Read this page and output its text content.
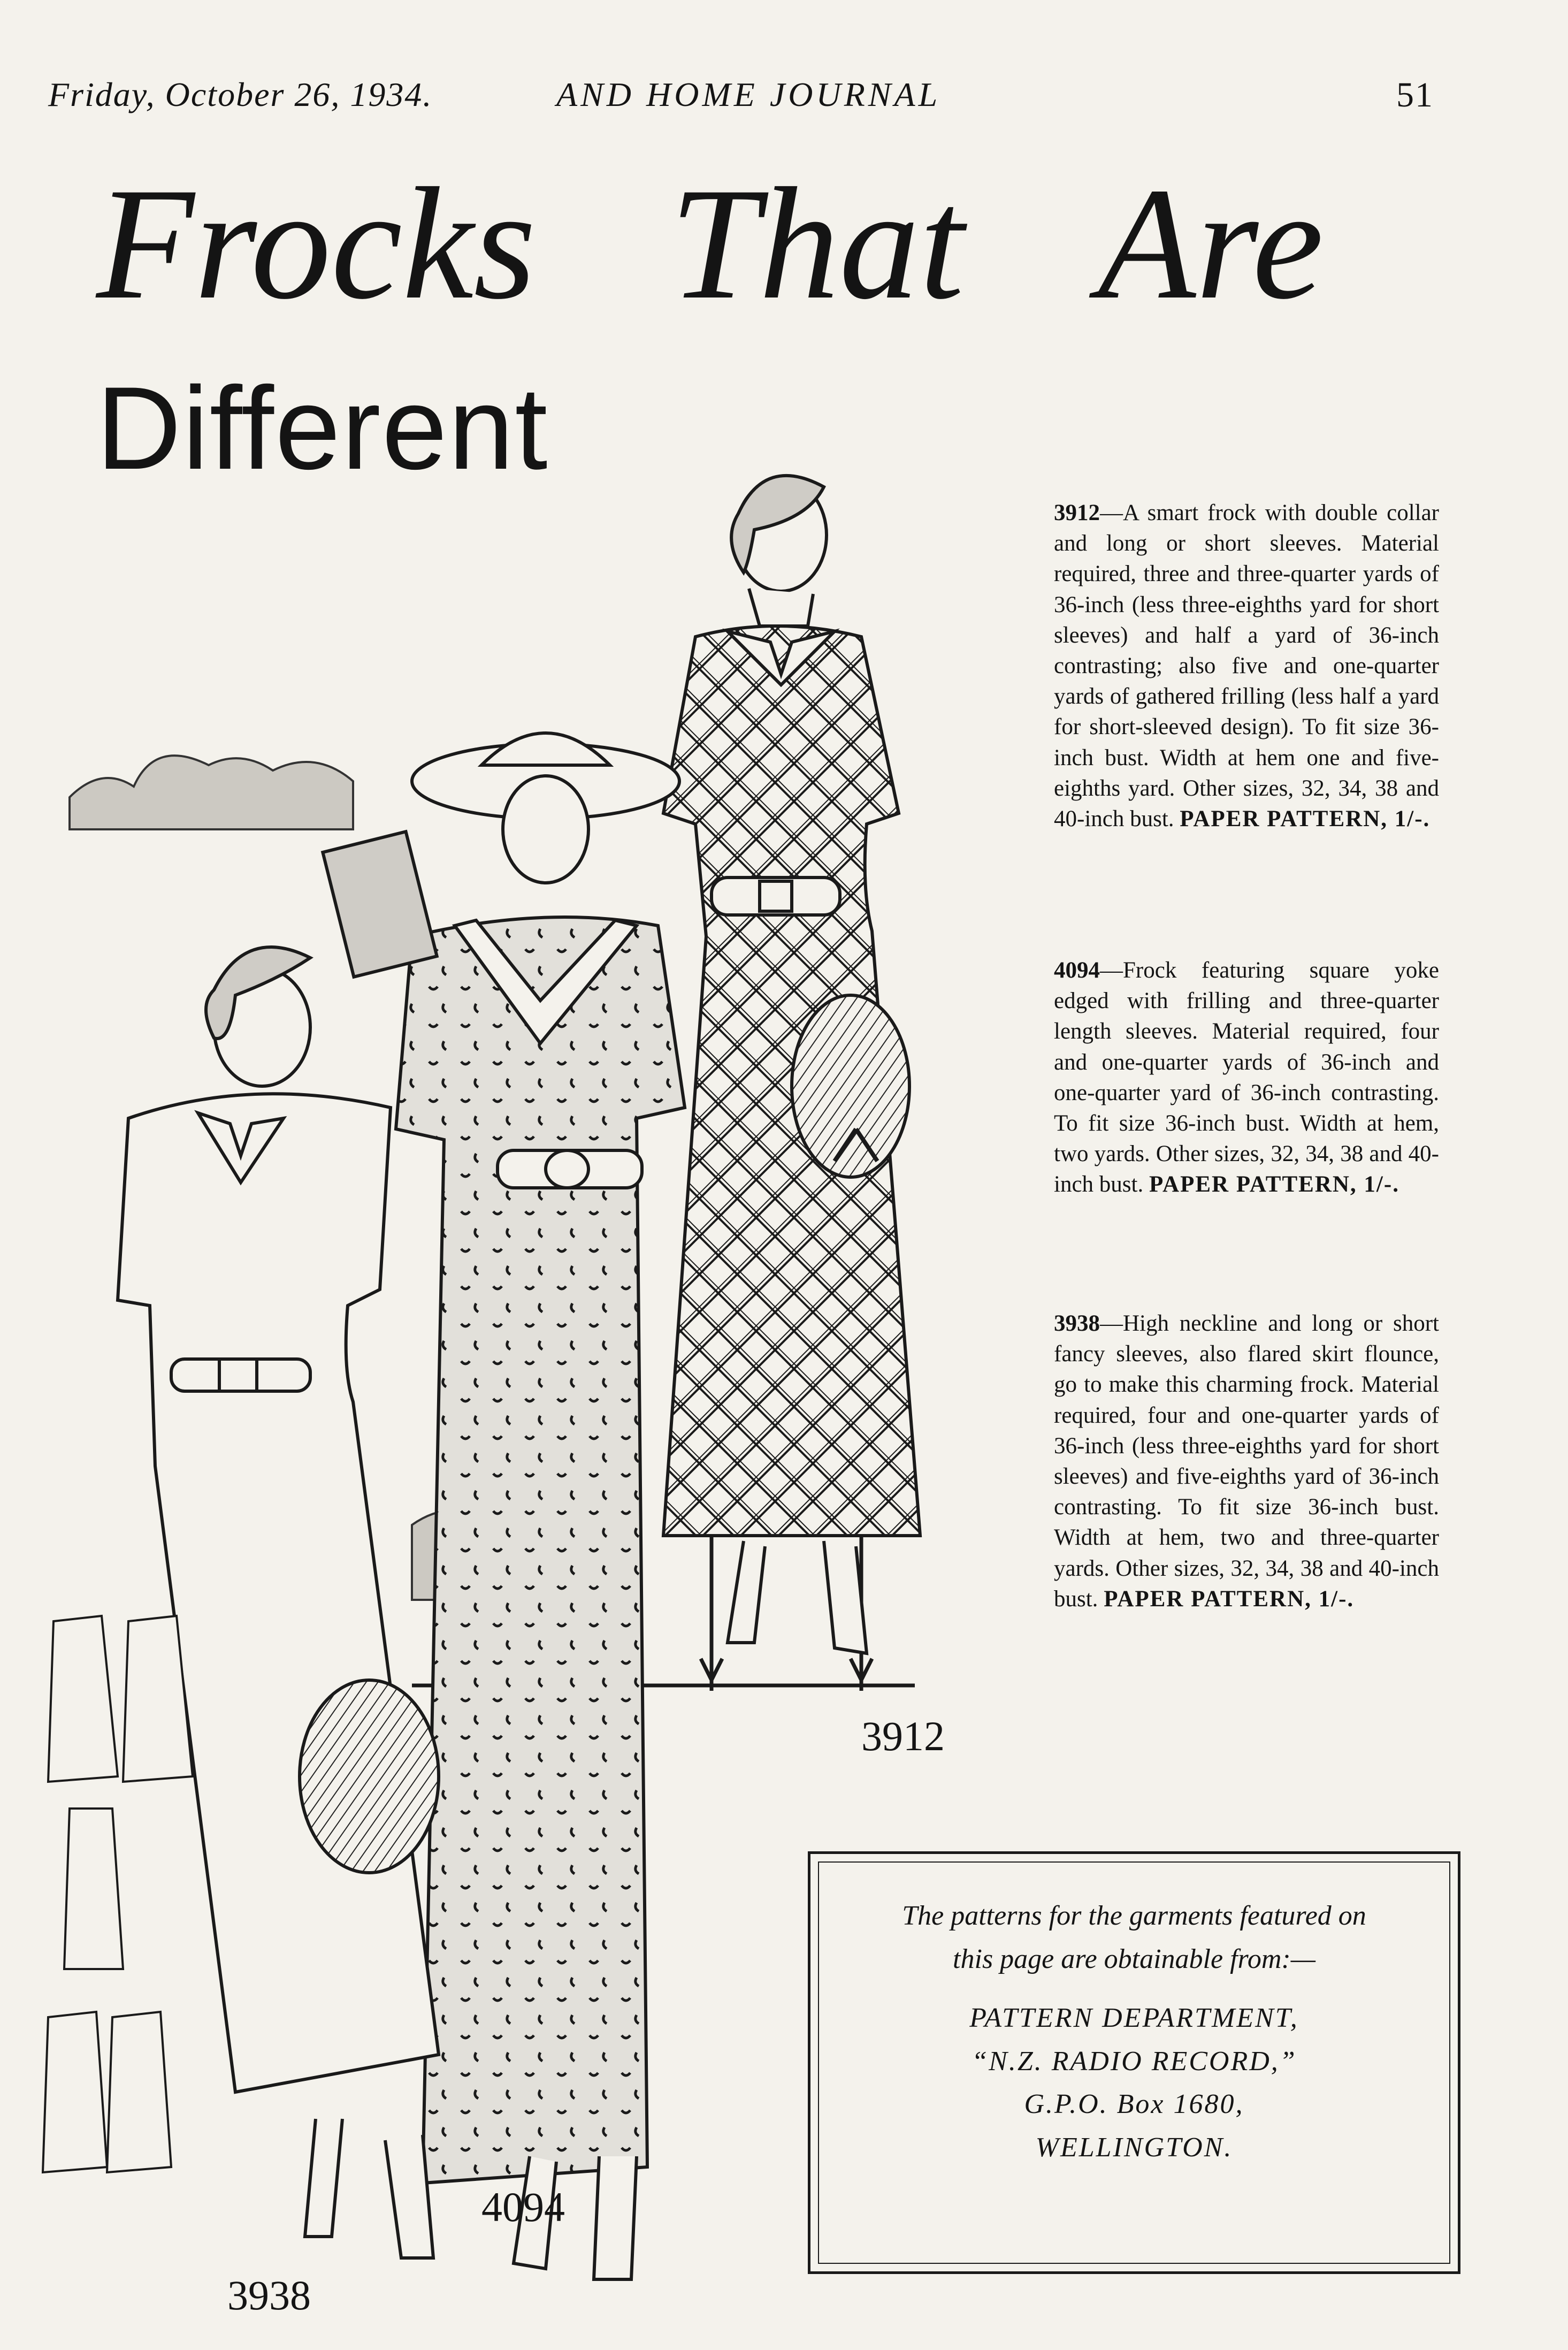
Friday, October 26, 1934.	AND HOME JOURNAL	51
Frocks That Are
Different
3912—A smart frock with double collar and long or short sleeves. Material required, three and three-quarter yards of 36-inch (less three-eighths yard for short sleeves) and half a yard of 36-inch contrasting; also five and one-quarter yards of gathered frilling (less half a yard for short-sleeved design). To fit size 36-inch bust. Width at hem one and five-eighths yard. Other sizes, 32, 34, 38 and 40-inch bust. PAPER PATTERN, 1/-.
4094—Frock featuring square yoke edged with frilling and three-quarter length sleeves. Material required, four and one-quarter yards of 36-inch and one-quarter yard of 36-inch contrasting. To fit size 36-inch bust. Width at hem, two yards. Other sizes, 32, 34, 38 and 40-inch bust. PAPER PATTERN, 1/-.
3938—High neckline and long or short fancy sleeves, also flared skirt flounce, go to make this charming frock. Material required, four and one-quarter yards of 36-inch (less three-eighths yard for short sleeves) and five-eighths yard of 36-inch contrasting. To fit size 36-inch bust. Width at hem, two and three-quarter yards. Other sizes, 32, 34, 38 and 40-inch bust. PAPER PATTERN, 1/-.
3912
4094
3938
The patterns for the garments featured on
this page are obtainable from:—
PATTERN DEPARTMENT,
“N.Z. RADIO RECORD,”
G.P.O. Box 1680,
WELLINGTON.
